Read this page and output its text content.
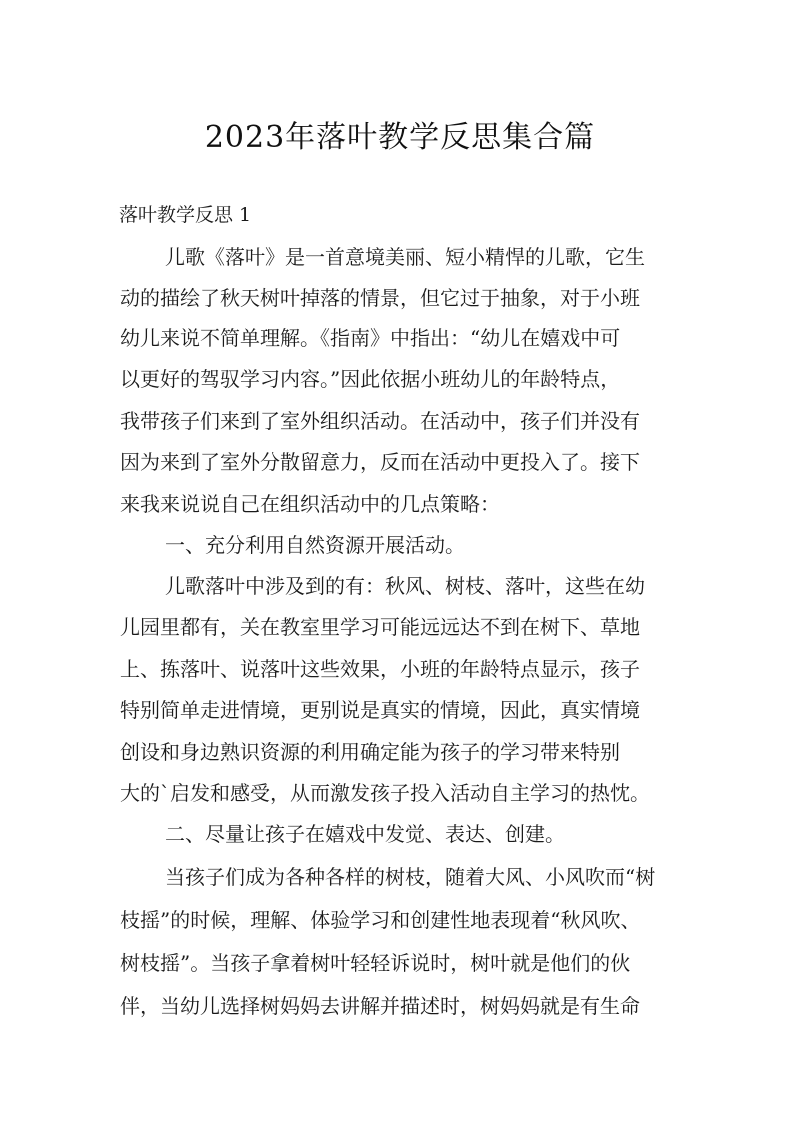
2023年落叶教学反思集合篇
落叶教学反思 1
儿歌《落叶》是一首意境美丽、短小精悍的儿歌，它生
动的描绘了秋天树叶掉落的情景，但它过于抽象，对于小班
幼儿来说不简单理解。《指南》中指出：“幼儿在嬉戏中可
以更好的驾驭学习内容。”因此依据小班幼儿的年龄特点，
我带孩子们来到了室外组织活动。在活动中，孩子们并没有
因为来到了室外分散留意力，反而在活动中更投入了。接下
来我来说说自己在组织活动中的几点策略：
一、充分利用自然资源开展活动。
儿歌落叶中涉及到的有：秋风、树枝、落叶，这些在幼
儿园里都有，关在教室里学习可能远远达不到在树下、草地
上、拣落叶、说落叶这些效果，小班的年龄特点显示，孩子
特别简单走进情境，更别说是真实的情境，因此，真实情境
创设和身边熟识资源的利用确定能为孩子的学习带来特别
大的`启发和感受，从而激发孩子投入活动自主学习的热忱。
二、尽量让孩子在嬉戏中发觉、表达、创建。
当孩子们成为各种各样的树枝，随着大风、小风吹而“树
枝摇”的时候，理解、体验学习和创建性地表现着“秋风吹、
树枝摇”。当孩子拿着树叶轻轻诉说时，树叶就是他们的伙
伴，当幼儿选择树妈妈去讲解并描述时，树妈妈就是有生命
